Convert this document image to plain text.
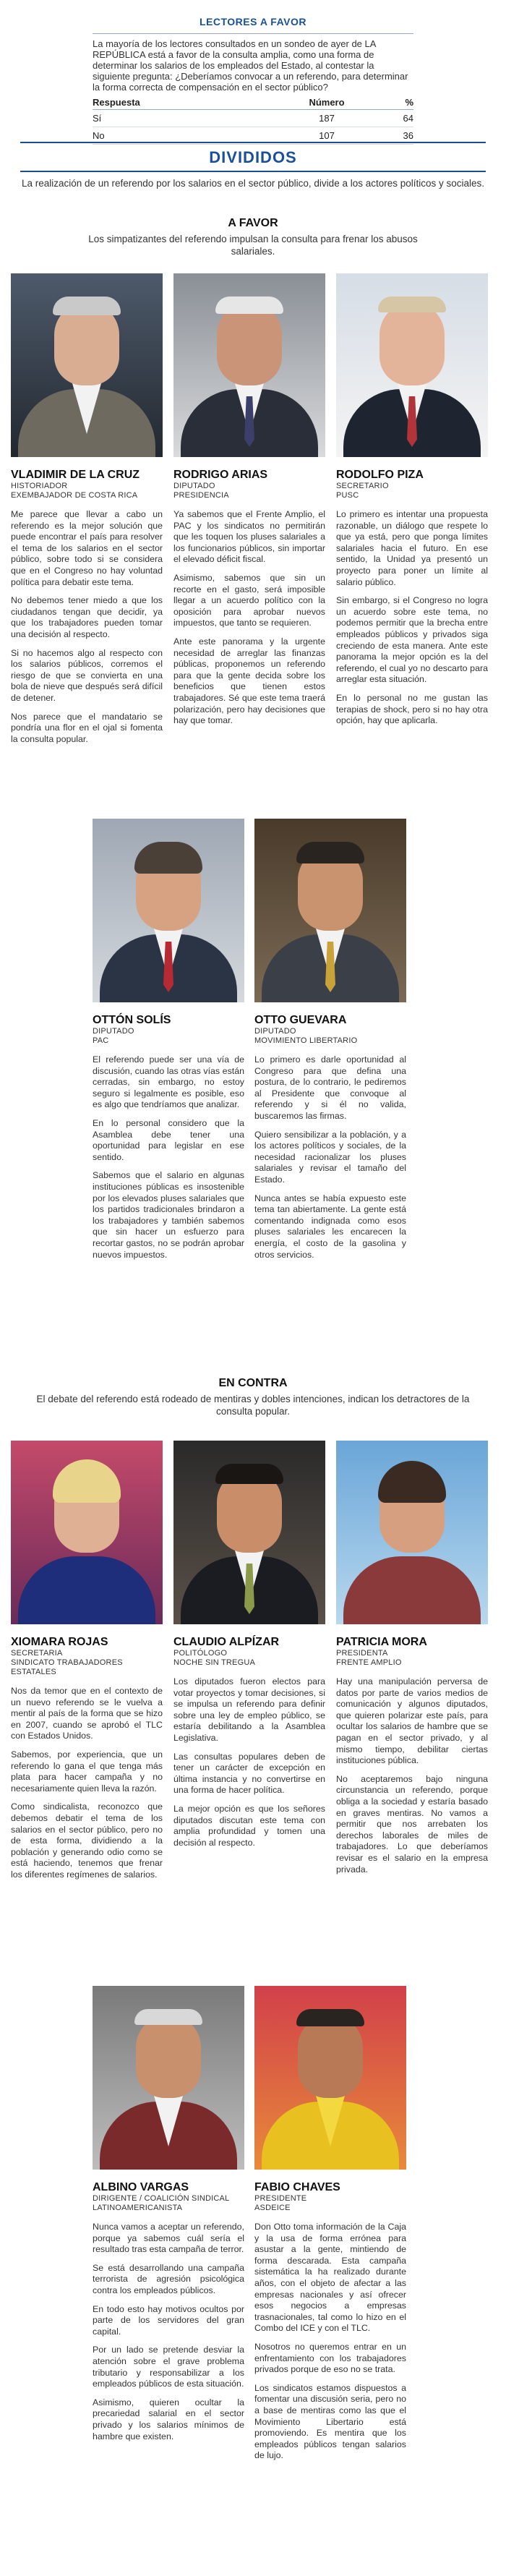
LECTORES A FAVOR
La mayoría de los lectores consultados en un sondeo de ayer de LA REPÚBLICA está a favor de la consulta amplia, como una forma de determinar los salarios de los empleados del Estado, al contestar la siguiente pregunta: ¿Deberíamos convocar a un referendo, para determinar la forma correcta de compensación en el sector público?
Respuesta	Número	%
Sí	187	64
No	107	36
DIVIDIDOS
La realización de un referendo por los salarios en el sector público, divide a los actores políticos y sociales.
A FAVOR
Los simpatizantes del referendo impulsan la consulta para frenar los abusos salariales.
VLADIMIR DE LA CRUZ
HISTORIADOR
EXEMBAJADOR DE COSTA RICA

Me parece que llevar a cabo un referendo es la mejor solución que puede encontrar el país para resolver el tema de los salarios en el sector público, sobre todo si se considera que en el Congreso no hay voluntad política para debatir este tema.

No debemos tener miedo a que los ciudadanos tengan que decidir, ya que los trabajadores pueden tomar una decisión al respecto.

Si no hacemos algo al respecto con los salarios públicos, corremos el riesgo de que se convierta en una bola de nieve que después será difícil de detener.

Nos parece que el mandatario se pondría una flor en el ojal si fomenta la consulta popular.

RODRIGO ARIAS
DIPUTADO
PRESIDENCIA

Ya sabemos que el Frente Amplio, el PAC y los sindicatos no permitirán que les toquen los pluses salariales a los funcionarios públicos, sin importar el elevado déficit fiscal.

Asimismo, sabemos que sin un recorte en el gasto, será imposible llegar a un acuerdo político con la oposición para aprobar nuevos impuestos, que tanto se requieren.

Ante este panorama y la urgente necesidad de arreglar las finanzas públicas, proponemos un referendo para que la gente decida sobre los beneficios que tienen estos trabajadores. Sé que este tema traerá polarización, pero hay decisiones que hay que tomar.

RODOLFO PIZA
SECRETARIO
PUSC

Lo primero es intentar una propuesta razonable, un diálogo que respete lo que ya está, pero que ponga límites salariales hacia el futuro. En ese sentido, la Unidad ya presentó un proyecto para poner un límite al salario público.

Sin embargo, si el Congreso no logra un acuerdo sobre este tema, no podemos permitir que la brecha entre empleados públicos y privados siga creciendo de esta manera. Ante este panorama la mejor opción es la del referendo, el cual yo no descarto para arreglar esta situación.

En lo personal no me gustan las terapias de shock, pero si no hay otra opción, hay que aplicarla.

OTTÓN SOLÍS
DIPUTADO
PAC

El referendo puede ser una vía de discusión, cuando las otras vías están cerradas, sin embargo, no estoy seguro si legalmente es posible, eso es algo que tendríamos que analizar.

En lo personal considero que la Asamblea debe tener una oportunidad para legislar en ese sentido.

Sabemos que el salario en algunas instituciones públicas es insostenible por los elevados pluses salariales que los partidos tradicionales brindaron a los trabajadores y también sabemos que sin hacer un esfuerzo para recortar gastos, no se podrán aprobar nuevos impuestos.

OTTO GUEVARA
DIPUTADO
MOVIMIENTO LIBERTARIO

Lo primero es darle oportunidad al Congreso para que defina una postura, de lo contrario, le pediremos al Presidente que convoque al referendo y si él no valida, buscaremos las firmas.

Quiero sensibilizar a la población, y a los actores políticos y sociales, de la necesidad racionalizar los pluses salariales y revisar el tamaño del Estado.

Nunca antes se había expuesto este tema tan abiertamente. La gente está comentando indignada como esos pluses salariales les encarecen la energía, el costo de la gasolina y otros servicios.

EN CONTRA
El debate del referendo está rodeado de mentiras y dobles intenciones, indican los detractores de la consulta popular.
XIOMARA ROJAS
SECRETARIA
SINDICATO TRABAJADORES ESTATALES

Nos da temor que en el contexto de un nuevo referendo se le vuelva a mentir al país de la forma que se hizo en 2007, cuando se aprobó el TLC con Estados Unidos.

Sabemos, por experiencia, que un referendo lo gana el que tenga más plata para hacer campaña y no necesariamente quien lleva la razón.

Como sindicalista, reconozco que debemos debatir el tema de los salarios en el sector público, pero no de esta forma, dividiendo a la población y generando odio como se está haciendo, tenemos que frenar los diferentes regímenes de salarios.

CLAUDIO ALPÍZAR
POLITÓLOGO
NOCHE SIN TREGUA

Los diputados fueron electos para votar proyectos y tomar decisiones, si se impulsa un referendo para definir sobre una ley de empleo público, se estaría debilitando a la Asamblea Legislativa.

Las consultas populares deben de tener un carácter de excepción en última instancia y no convertirse en una forma de hacer política.

La mejor opción es que los señores diputados discutan este tema con amplia profundidad y tomen una decisión al respecto.

PATRICIA MORA
PRESIDENTA
FRENTE AMPLIO

Hay una manipulación perversa de datos por parte de varios medios de comunicación y algunos diputados, que quieren polarizar este país, para ocultar los salarios de hambre que se pagan en el sector privado, y al mismo tiempo, debilitar ciertas instituciones pública.

No aceptaremos bajo ninguna circunstancia un referendo, porque obliga a la sociedad y estaría basado en graves mentiras. No vamos a permitir que nos arrebaten los derechos laborales de miles de trabajadores. Lo que deberíamos revisar es el salario en la empresa privada.

ALBINO VARGAS
DIRIGENTE / COALICIÓN SINDICAL LATINOAMERICANISTA

Nunca vamos a aceptar un referendo, porque ya sabemos cuál sería el resultado tras esta campaña de terror.

Se está desarrollando una campaña terrorista de agresión psicológica contra los empleados públicos.

En todo esto hay motivos ocultos por parte de los servidores del gran capital.

Por un lado se pretende desviar la atención sobre el grave problema tributario y responsabilizar a los empleados públicos de esta situación.

Asimismo, quieren ocultar la precariedad salarial en el sector privado y los salarios mínimos de hambre que existen.

FABIO CHAVES
PRESIDENTE
ASDEICE

Don Otto toma información de la Caja y la usa de forma errónea para asustar a la gente, mintiendo de forma descarada. Esta campaña sistemática la ha realizado durante años, con el objeto de afectar a las empresas nacionales y así ofrecer esos negocios a empresas trasnacionales, tal como lo hizo en el Combo del ICE y con el TLC.

Nosotros no queremos entrar en un enfrentamiento con los trabajadores privados porque de eso no se trata.

Los sindicatos estamos dispuestos a fomentar una discusión seria, pero no a base de mentiras como las que el Movimiento Libertario está promoviendo. Es mentira que los empleados públicos tengan salarios de lujo.
